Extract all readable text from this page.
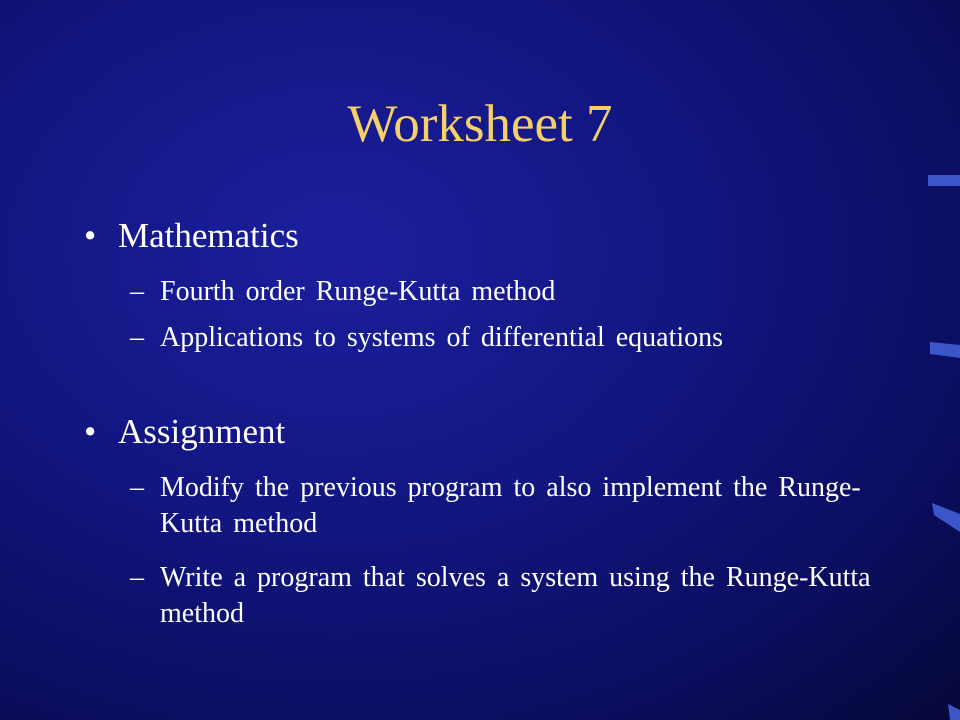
Worksheet 7
• Mathematics
– Fourth order Runge-Kutta method
– Applications to systems of differential equations
• Assignment
– Modify the previous program to also implement the Runge-Kutta method
– Write a program that solves a system using the Runge-Kutta method
